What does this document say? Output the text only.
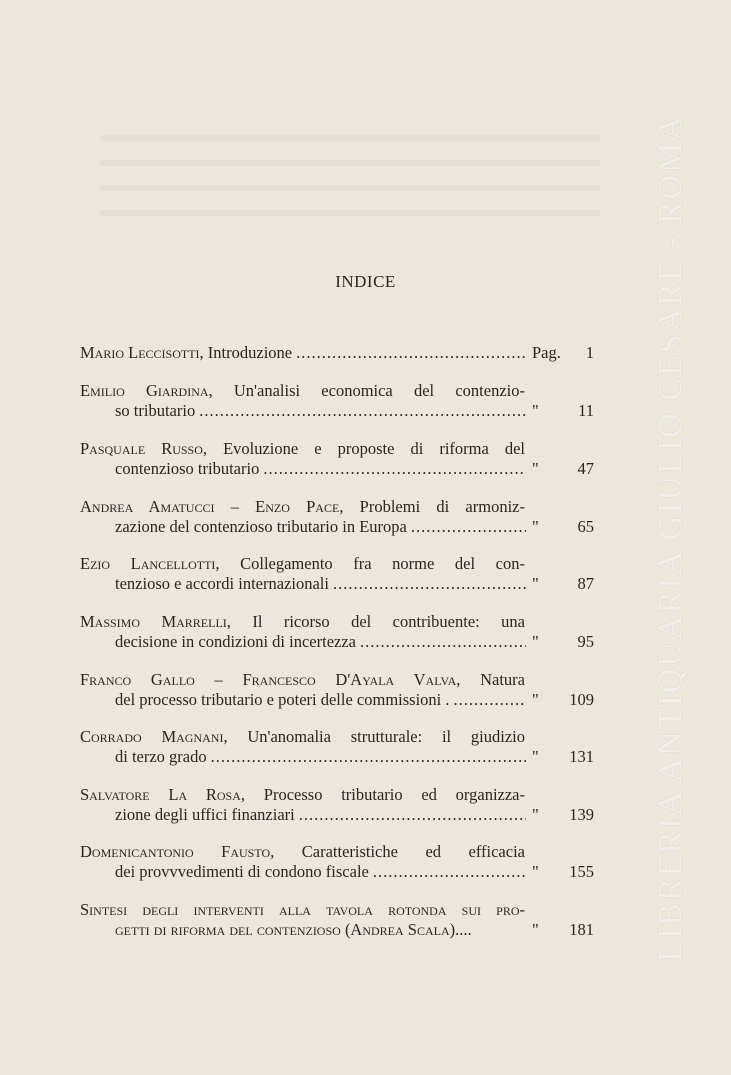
LIBRERIA ANTIQUARIA GIULIO CESARE - ROMA
INDICE
Mario Leccisotti, Introduzione .....	Pag.	1
Emilio Giardina, Un'analisi economica del contenzio-
so tributario .....	"	11
Pasquale Russo, Evoluzione e proposte di riforma del
contenzioso tributario .....	"	47
Andrea Amatucci – Enzo Pace, Problemi di armoniz-
zazione del contenzioso tributario in Europa .....	"	65
Ezio Lancellotti, Collegamento fra norme del con-
tenzioso e accordi internazionali .....	"	87
Massimo Marrelli, Il ricorso del contribuente: una
decisione in condizioni di incertezza .....	"	95
Franco Gallo – Francesco D'Ayala Valva, Natura
del processo tributario e poteri delle commissioni . .....	"	109
Corrado Magnani, Un'anomalia strutturale: il giudizio
di terzo grado .....	"	131
Salvatore La Rosa, Processo tributario ed organizza-
zione degli uffici finanziari .....	"	139
Domenicantonio Fausto, Caratteristiche ed efficacia
dei provvvedimenti di condono fiscale .....	"	155
Sintesi degli interventi alla tavola rotonda sui pro-
getti di riforma del contenzioso (Andrea Scala)....	"	181
